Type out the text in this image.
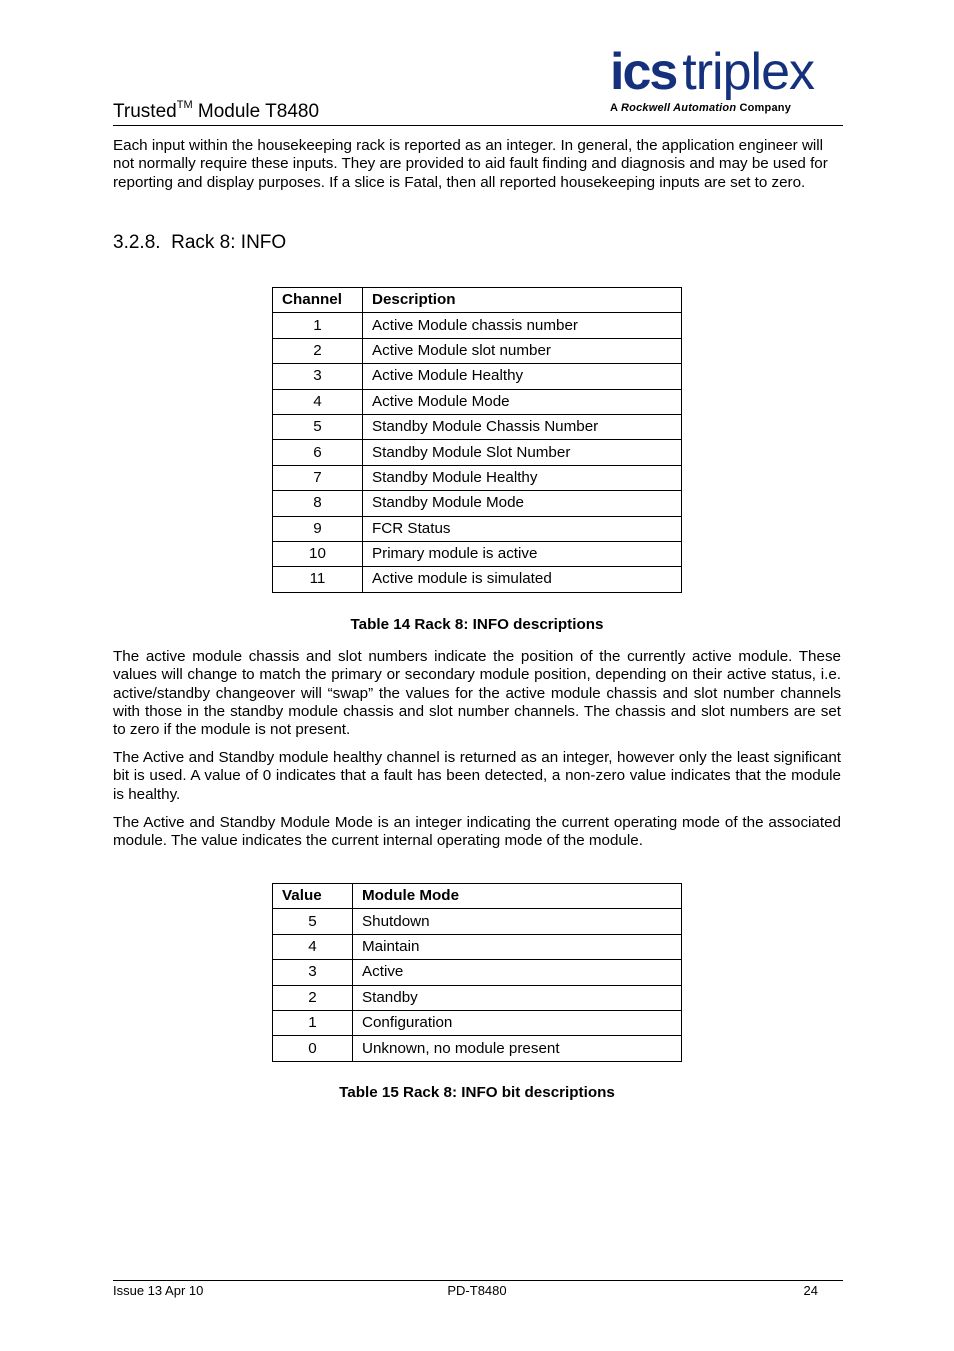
Trusted™ Module T8480
ics triplex
A Rockwell Automation Company

Each input within the housekeeping rack is reported as an integer. In general, the application engineer will not normally require these inputs. They are provided to aid fault finding and diagnosis and may be used for reporting and display purposes. If a slice is Fatal, then all reported housekeeping inputs are set to zero.

3.2.8. Rack 8: INFO
Channel	Description
1	Active Module chassis number
2	Active Module slot number
3	Active Module Healthy
4	Active Module Mode
5	Standby Module Chassis Number
6	Standby Module Slot Number
7	Standby Module Healthy
8	Standby Module Mode
9	FCR Status
10	Primary module is active
11	Active module is simulated
Table 14 Rack 8: INFO descriptions

The active module chassis and slot numbers indicate the position of the currently active module. These values will change to match the primary or secondary module position, depending on their active status, i.e. active/standby changeover will “swap” the values for the active module chassis and slot number channels with those in the standby module chassis and slot number channels. The chassis and slot numbers are set to zero if the module is not present.

The Active and Standby module healthy channel is returned as an integer, however only the least significant bit is used. A value of 0 indicates that a fault has been detected, a non-zero value indicates that the module is healthy.

The Active and Standby Module Mode is an integer indicating the current operating mode of the associated module. The value indicates the current internal operating mode of the module.

Value	Module Mode
5	Shutdown
4	Maintain
3	Active
2	Standby
1	Configuration
0	Unknown, no module present
Table 15 Rack 8: INFO bit descriptions
Issue 13 Apr 10	PD-T8480	24
